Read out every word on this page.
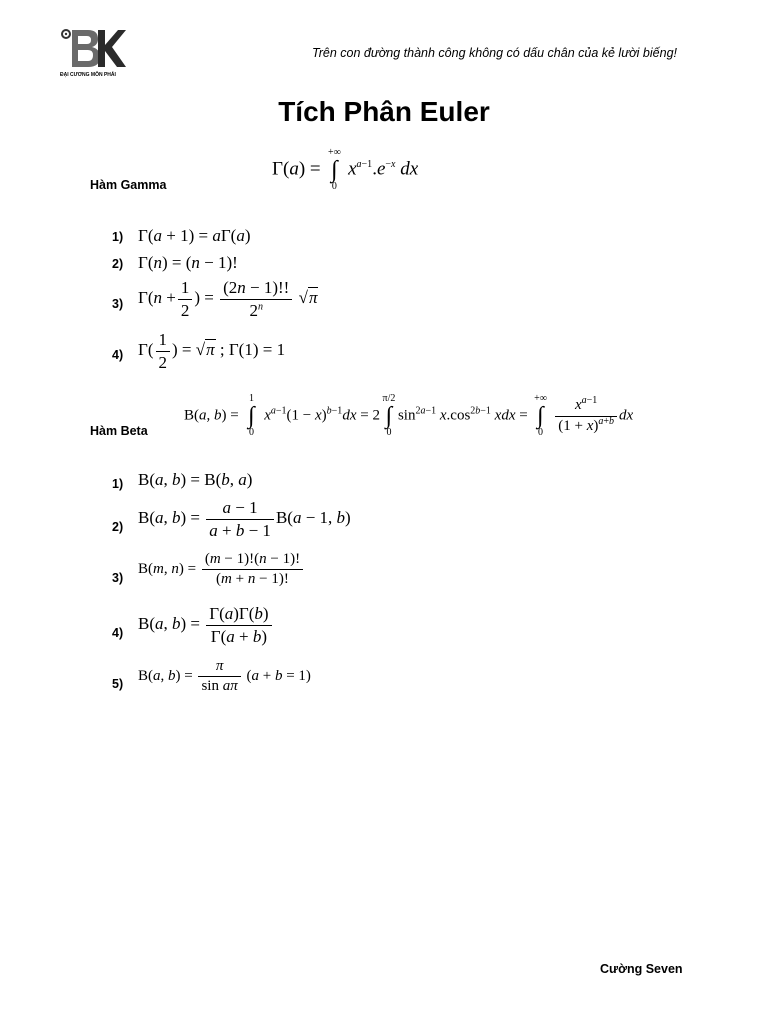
ĐẠI CƯƠNG MÔN PHÁI
Trên con đường thành công không có dấu chân của kẻ lười biếng!
Tích Phân Euler
Hàm Gamma
Γ(a) =
+∞
∫
0
$x^{a-1}.e^{-x}$ dx
1) Γ(a + 1) = aΓ(a)
2) Γ(n) = (n − 1)!
3) $\Gamma(n + \frac{1}{2}$ ) = $\frac{(2n - 1)!!}{2^n} √\pi$
4) $\Gamma( \frac{1}{2}$ ) = √π ; Γ(1) = 1
Hàm Beta
B(a, b) =
1
∫
0
$x^{a-1}(1 - x)^{b-1}dx = 2$
π/2
∫
0
$\sin^{2a-1} x.\cos^{2b-1}$ xdx =
+∞
∫
0
$\frac{x^{a-1}}{(1 + x)^{a+b}}$ dx
1) B(a, b) = B(b, a)
2)
B(a, $b) = \frac{a - 1}{a + b - 1} B(a - 1$, b)
3)
B(m, $n) = \frac{(m - 1)!(n - 1)!}{(m + n - 1)!}$
4)
B(a, $b) = \frac{\Gamma(a)\Gamma(b)}{\Gamma(a + b)}$
5) B(a, $b) = \frac{\pi}{\text{sin aπ}} (a + b = 1)$
Cường Seven
